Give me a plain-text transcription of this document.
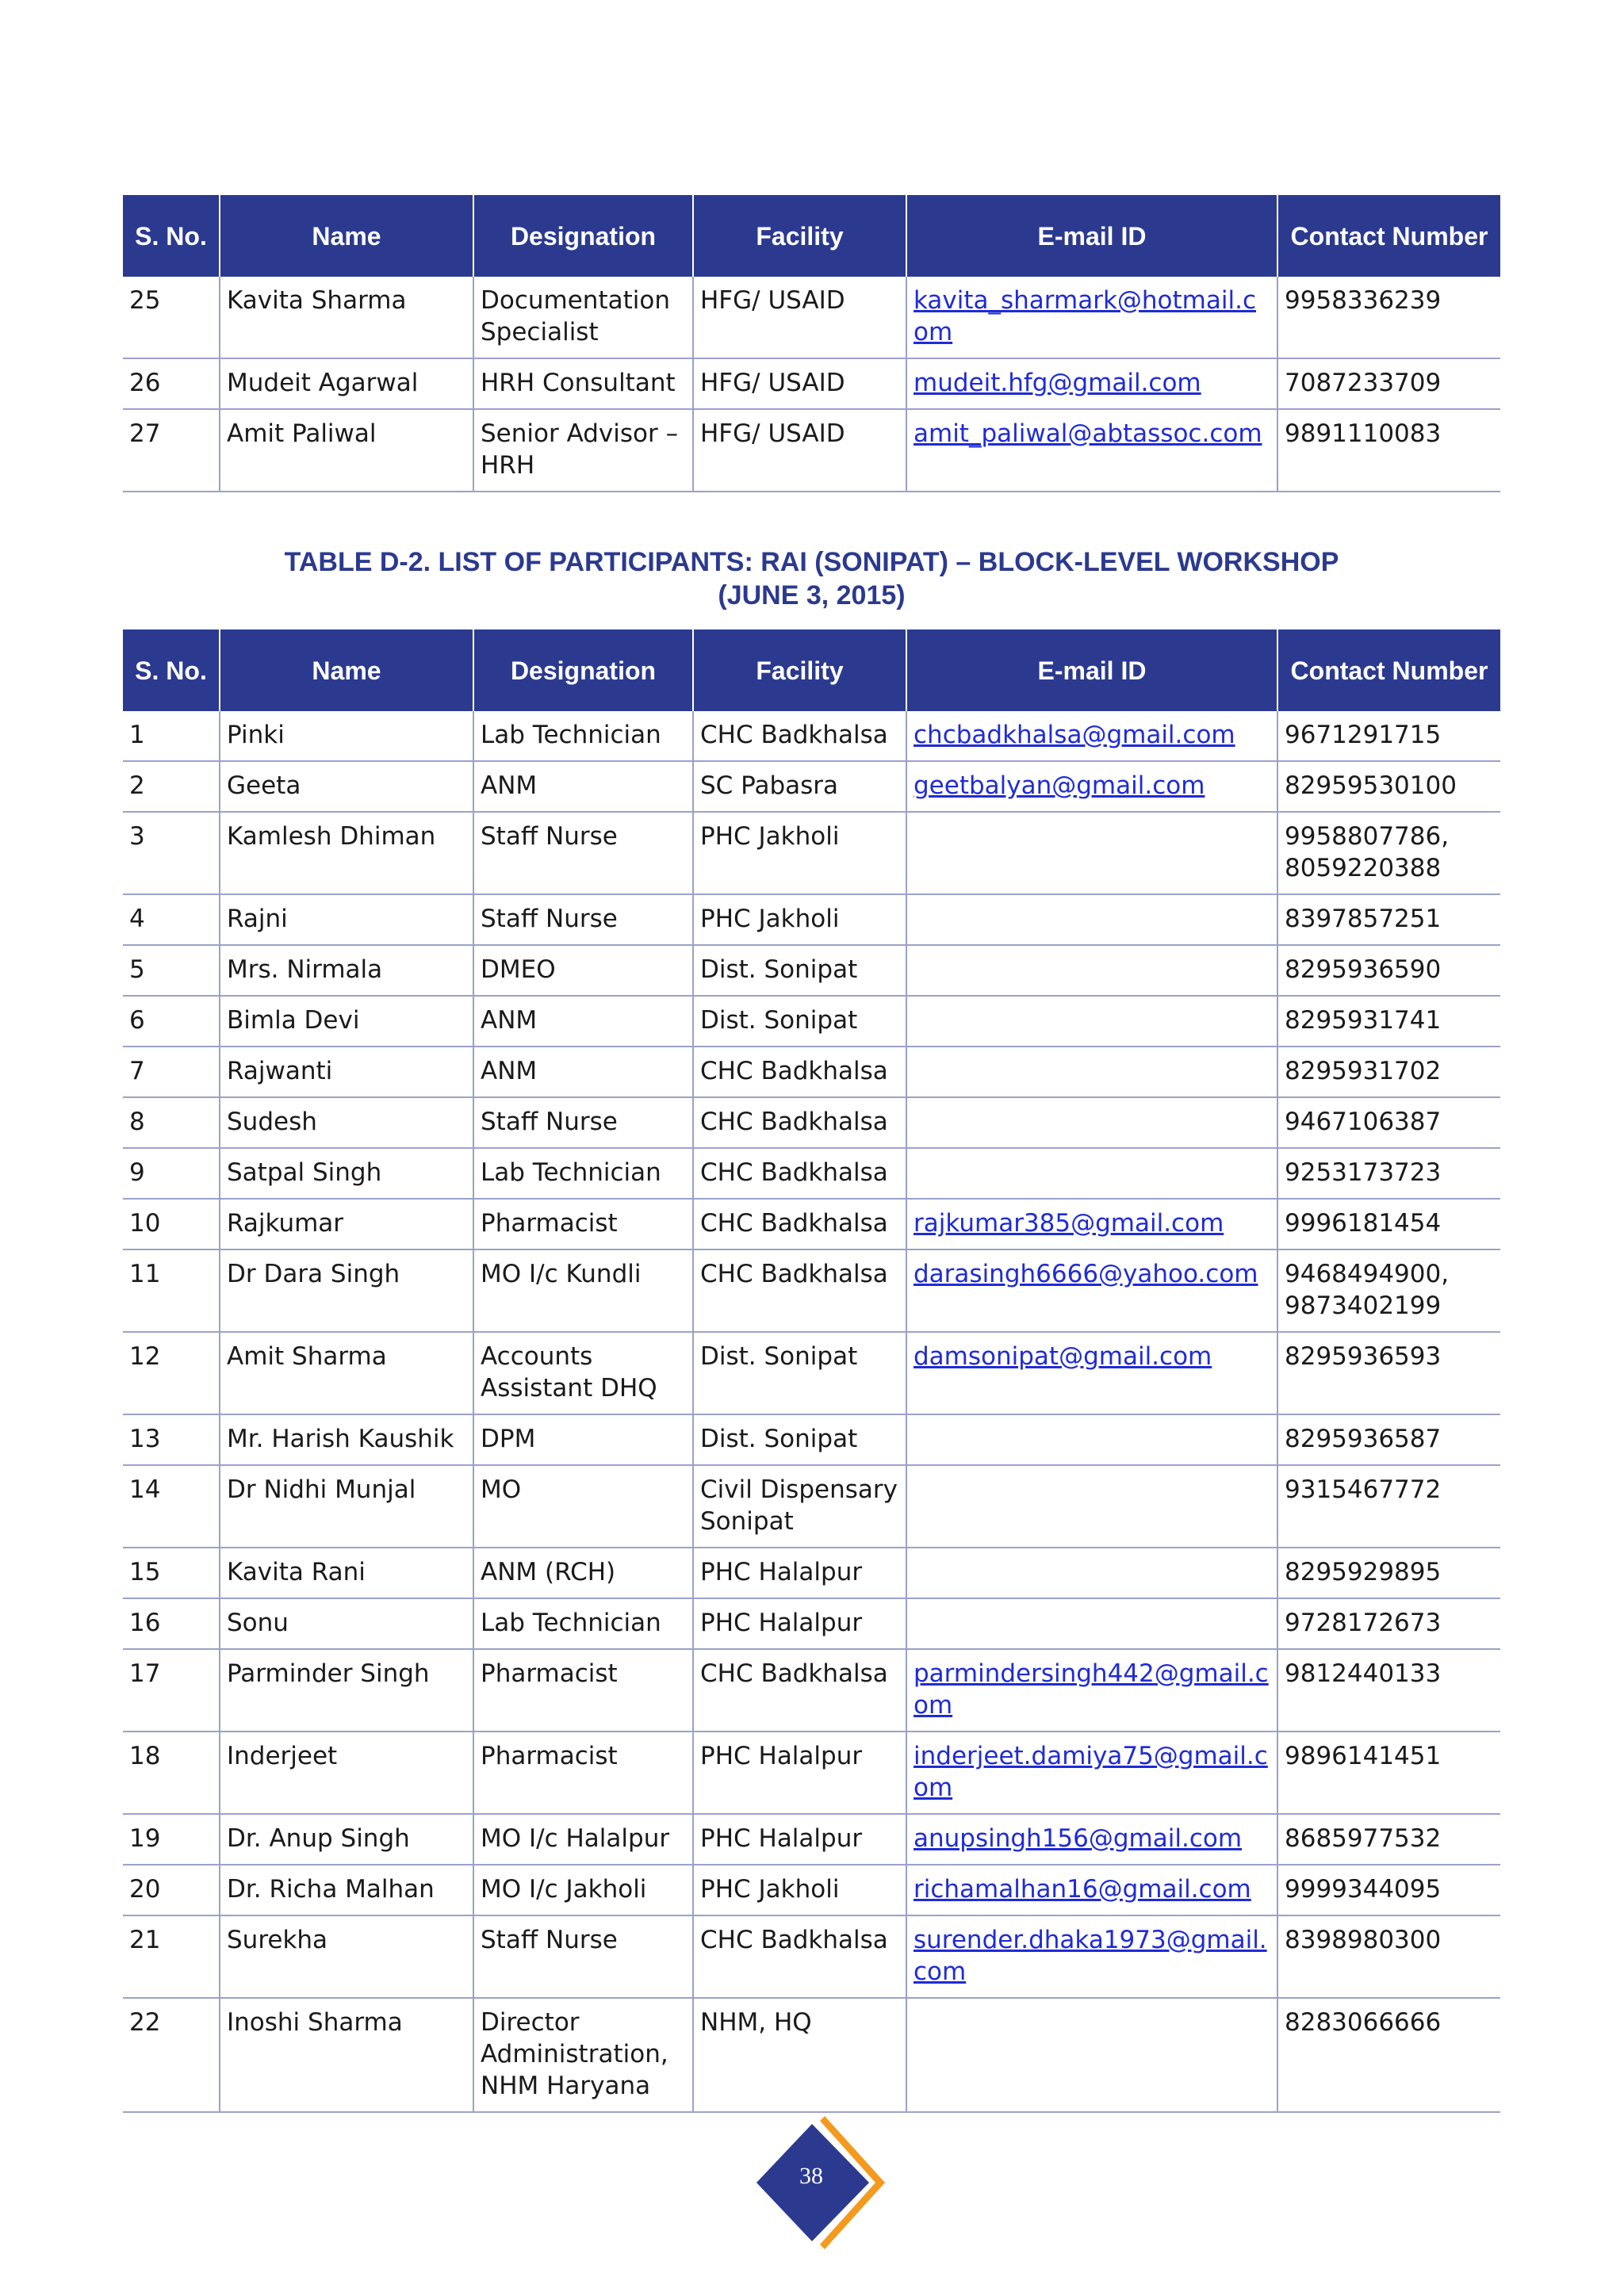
S. No.	Name	Designation	Facility	E-mail ID	Contact Number
25	Kavita Sharma	Documentation Specialist	HFG/ USAID	kavita_sharmark@hotmail.com	9958336239
26	Mudeit Agarwal	HRH Consultant	HFG/ USAID	mudeit.hfg@gmail.com	7087233709
27	Amit Paliwal	Senior Advisor – HRH	HFG/ USAID	amit_paliwal@abtassoc.com	9891110083
TABLE D-2. LIST OF PARTICIPANTS: RAI (SONIPAT) – BLOCK-LEVEL WORKSHOP
(JUNE 3, 2015)
S. No.	Name	Designation	Facility	E-mail ID	Contact Number
1	Pinki	Lab Technician	CHC Badkhalsa	chcbadkhalsa@gmail.com	9671291715
2	Geeta	ANM	SC Pabasra	geetbalyan@gmail.com	82959530100
3	Kamlesh Dhiman	Staff Nurse	PHC Jakholi		9958807786, 8059220388
4	Rajni	Staff Nurse	PHC Jakholi		8397857251
5	Mrs. Nirmala	DMEO	Dist. Sonipat		8295936590
6	Bimla Devi	ANM	Dist. Sonipat		8295931741
7	Rajwanti	ANM	CHC Badkhalsa		8295931702
8	Sudesh	Staff Nurse	CHC Badkhalsa		9467106387
9	Satpal Singh	Lab Technician	CHC Badkhalsa		9253173723
10	Rajkumar	Pharmacist	CHC Badkhalsa	rajkumar385@gmail.com	9996181454
11	Dr Dara Singh	MO I/c Kundli	CHC Badkhalsa	darasingh6666@yahoo.com	9468494900, 9873402199
12	Amit Sharma	Accounts Assistant DHQ	Dist. Sonipat	damsonipat@gmail.com	8295936593
13	Mr. Harish Kaushik	DPM	Dist. Sonipat		8295936587
14	Dr Nidhi Munjal	MO	Civil Dispensary Sonipat		9315467772
15	Kavita Rani	ANM (RCH)	PHC Halalpur		8295929895
16	Sonu	Lab Technician	PHC Halalpur		9728172673
17	Parminder Singh	Pharmacist	CHC Badkhalsa	parmindersingh442@gmail.com	9812440133
18	Inderjeet	Pharmacist	PHC Halalpur	inderjeet.damiya75@gmail.com	9896141451
19	Dr. Anup Singh	MO I/c Halalpur	PHC Halalpur	anupsingh156@gmail.com	8685977532
20	Dr. Richa Malhan	MO I/c Jakholi	PHC Jakholi	richamalhan16@gmail.com	9999344095
21	Surekha	Staff Nurse	CHC Badkhalsa	surender.dhaka1973@gmail.com	8398980300
22	Inoshi Sharma	Director Administration, NHM Haryana	NHM, HQ		8283066666
38
